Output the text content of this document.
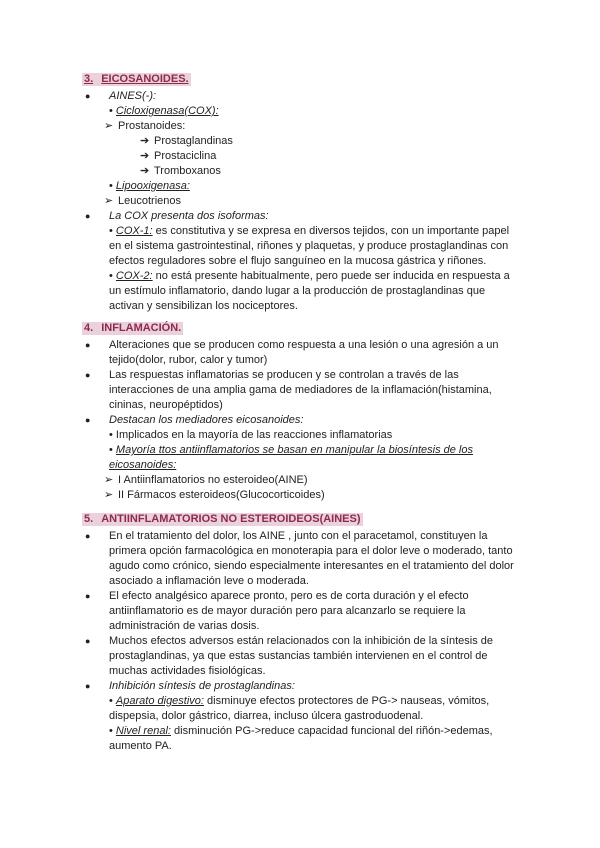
3. EICOSANOIDES.
● AINES(-):
• Cicloxigenasa(COX):
➢ Prostanoides:
➔ Prostaglandinas
➔ Prostaciclina
➔ Tromboxanos
• Lipooxigenasa:
➢ Leucotrienos
● La COX presenta dos isoformas:
• COX-1: es constitutiva y se expresa en diversos tejidos, con un importante papel en el sistema gastrointestinal, riñones y plaquetas, y produce prostaglandinas con efectos reguladores sobre el flujo sanguíneo en la mucosa gástrica y riñones.
• COX-2: no está presente habitualmente, pero puede ser inducida en respuesta a un estímulo inflamatorio, dando lugar a la producción de prostaglandinas que activan y sensibilizan los nociceptores.
4. INFLAMACIÓN.
● Alteraciones que se producen como respuesta a una lesión o una agresión a un tejido(dolor, rubor, calor y tumor)
● Las respuestas inflamatorias se producen y se controlan a través de las interacciones de una amplia gama de mediadores de la inflamación(histamina, cininas, neuropéptidos)
● Destacan los mediadores eicosanoides:
• Implicados en la mayoría de las reacciones inflamatorias
• Mayoría ttos antiinflamatorios se basan en manipular la biosíntesis de los eicosanoides:
➢ I Antiinflamatorios no esteroideo(AINE)
➢ II Fármacos esteroideos(Glucocorticoides)
5. ANTIINFLAMATORIOS NO ESTEROIDEOS(AINES)
● En el tratamiento del dolor, los AINE , junto con el paracetamol, constituyen la primera opción farmacológica en monoterapia para el dolor leve o moderado, tanto agudo como crónico, siendo especialmente interesantes en el tratamiento del dolor asociado a inflamación leve o moderada.
● El efecto analgésico aparece pronto, pero es de corta duración y el efecto antiinflamatorio es de mayor duración pero para alcanzarlo se requiere la administración de varias dosis.
● Muchos efectos adversos están relacionados con la inhibición de la síntesis de prostaglandinas, ya que estas sustancias también intervienen en el control de muchas actividades fisiológicas.
● Inhibición síntesis de prostaglandinas:
• Aparato digestivo: disminuye efectos protectores de PG-> nauseas, vómitos, dispepsia, dolor gástrico, diarrea, incluso úlcera gastroduodenal.
• Nivel renal: disminución PG->reduce capacidad funcional del riñón->edemas, aumento PA.
